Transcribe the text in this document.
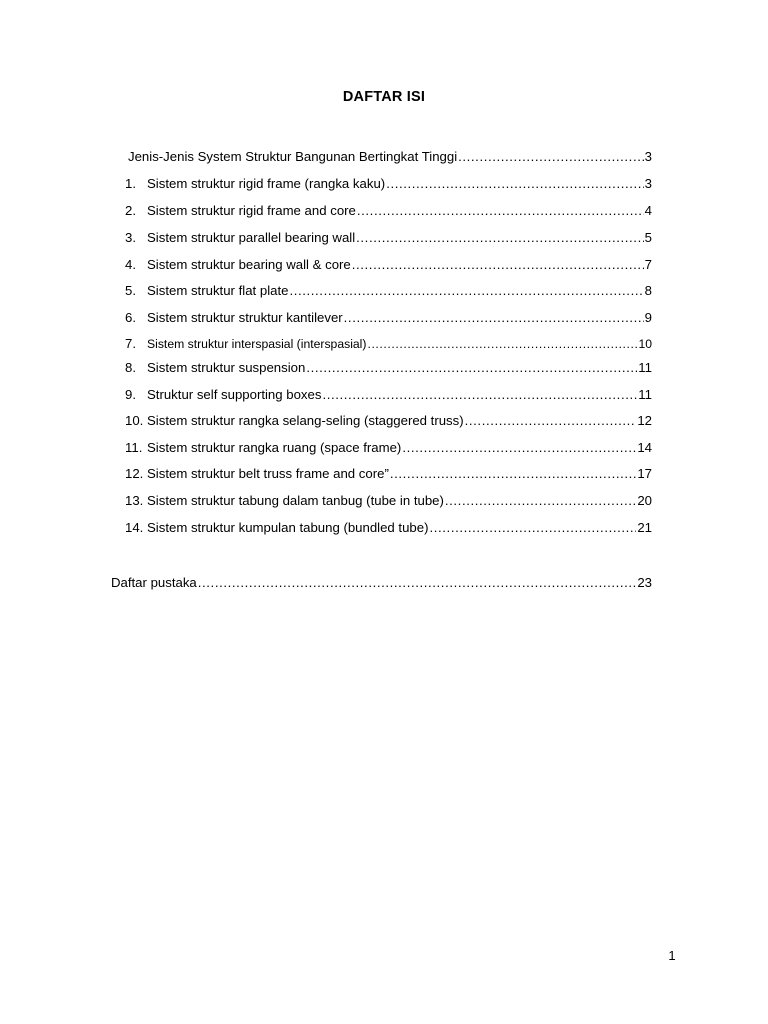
DAFTAR ISI
Jenis-Jenis System Struktur Bangunan Bertingkat Tinggi .....	3
1. Sistem struktur rigid frame (rangka kaku) .....	3
2. Sistem struktur rigid frame and core .....	4
3. Sistem struktur parallel bearing wall .....	5
4. Sistem struktur bearing wall & core .....	7
5. Sistem struktur flat plate .....	8
6. Sistem struktur struktur kantilever .....	9
7. Sistem struktur interspasial (interspasial) .....	10
8. Sistem struktur suspension .....	11
9. Struktur self supporting boxes .....	11
10. Sistem struktur rangka selang-seling (staggered truss) .....	12
11. Sistem struktur rangka ruang (space frame) .....	14
12. Sistem struktur belt truss frame and core” .....	17
13. Sistem struktur tabung dalam tanbug (tube in tube) .....	20
14. Sistem struktur kumpulan tabung (bundled tube) .....	21
Daftar pustaka .....	23
1
